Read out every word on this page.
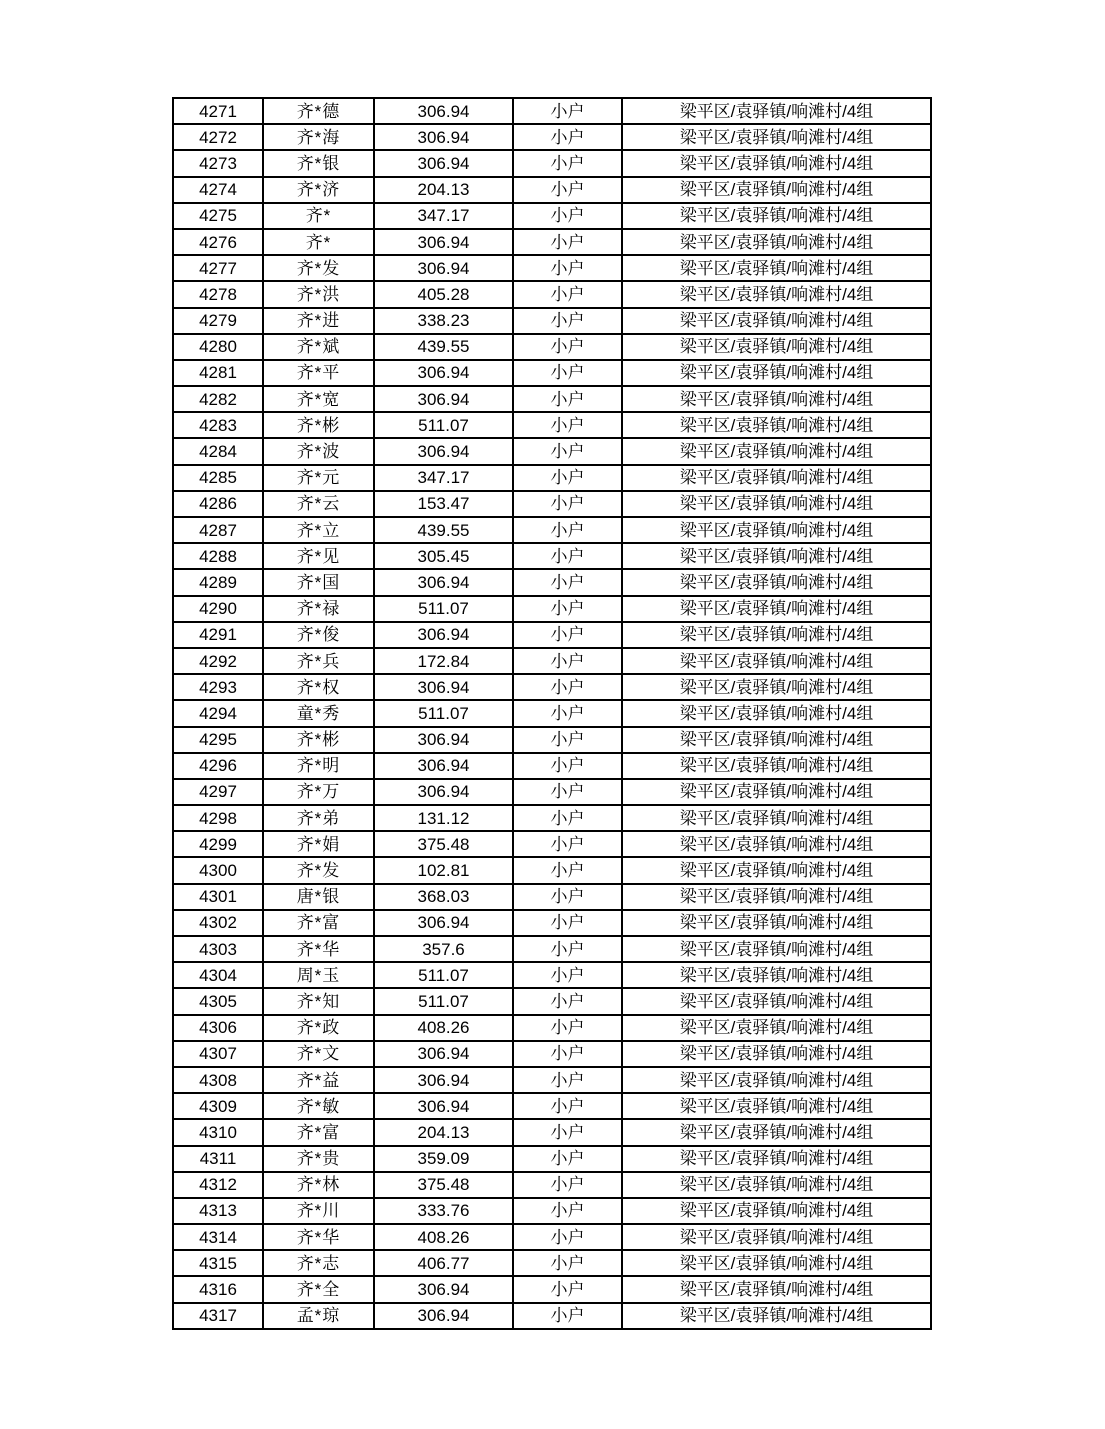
4271	齐*德	306.94	小户	梁平区/袁驿镇/响滩村/4组
4272	齐*海	306.94	小户	梁平区/袁驿镇/响滩村/4组
4273	齐*银	306.94	小户	梁平区/袁驿镇/响滩村/4组
4274	齐*济	204.13	小户	梁平区/袁驿镇/响滩村/4组
4275	齐*	347.17	小户	梁平区/袁驿镇/响滩村/4组
4276	齐*	306.94	小户	梁平区/袁驿镇/响滩村/4组
4277	齐*发	306.94	小户	梁平区/袁驿镇/响滩村/4组
4278	齐*洪	405.28	小户	梁平区/袁驿镇/响滩村/4组
4279	齐*进	338.23	小户	梁平区/袁驿镇/响滩村/4组
4280	齐*斌	439.55	小户	梁平区/袁驿镇/响滩村/4组
4281	齐*平	306.94	小户	梁平区/袁驿镇/响滩村/4组
4282	齐*宽	306.94	小户	梁平区/袁驿镇/响滩村/4组
4283	齐*彬	511.07	小户	梁平区/袁驿镇/响滩村/4组
4284	齐*波	306.94	小户	梁平区/袁驿镇/响滩村/4组
4285	齐*元	347.17	小户	梁平区/袁驿镇/响滩村/4组
4286	齐*云	153.47	小户	梁平区/袁驿镇/响滩村/4组
4287	齐*立	439.55	小户	梁平区/袁驿镇/响滩村/4组
4288	齐*见	305.45	小户	梁平区/袁驿镇/响滩村/4组
4289	齐*国	306.94	小户	梁平区/袁驿镇/响滩村/4组
4290	齐*禄	511.07	小户	梁平区/袁驿镇/响滩村/4组
4291	齐*俊	306.94	小户	梁平区/袁驿镇/响滩村/4组
4292	齐*兵	172.84	小户	梁平区/袁驿镇/响滩村/4组
4293	齐*权	306.94	小户	梁平区/袁驿镇/响滩村/4组
4294	童*秀	511.07	小户	梁平区/袁驿镇/响滩村/4组
4295	齐*彬	306.94	小户	梁平区/袁驿镇/响滩村/4组
4296	齐*明	306.94	小户	梁平区/袁驿镇/响滩村/4组
4297	齐*万	306.94	小户	梁平区/袁驿镇/响滩村/4组
4298	齐*弟	131.12	小户	梁平区/袁驿镇/响滩村/4组
4299	齐*娟	375.48	小户	梁平区/袁驿镇/响滩村/4组
4300	齐*发	102.81	小户	梁平区/袁驿镇/响滩村/4组
4301	唐*银	368.03	小户	梁平区/袁驿镇/响滩村/4组
4302	齐*富	306.94	小户	梁平区/袁驿镇/响滩村/4组
4303	齐*华	357.6	小户	梁平区/袁驿镇/响滩村/4组
4304	周*玉	511.07	小户	梁平区/袁驿镇/响滩村/4组
4305	齐*知	511.07	小户	梁平区/袁驿镇/响滩村/4组
4306	齐*政	408.26	小户	梁平区/袁驿镇/响滩村/4组
4307	齐*文	306.94	小户	梁平区/袁驿镇/响滩村/4组
4308	齐*益	306.94	小户	梁平区/袁驿镇/响滩村/4组
4309	齐*敏	306.94	小户	梁平区/袁驿镇/响滩村/4组
4310	齐*富	204.13	小户	梁平区/袁驿镇/响滩村/4组
4311	齐*贵	359.09	小户	梁平区/袁驿镇/响滩村/4组
4312	齐*林	375.48	小户	梁平区/袁驿镇/响滩村/4组
4313	齐*川	333.76	小户	梁平区/袁驿镇/响滩村/4组
4314	齐*华	408.26	小户	梁平区/袁驿镇/响滩村/4组
4315	齐*志	406.77	小户	梁平区/袁驿镇/响滩村/4组
4316	齐*全	306.94	小户	梁平区/袁驿镇/响滩村/4组
4317	孟*琼	306.94	小户	梁平区/袁驿镇/响滩村/4组
